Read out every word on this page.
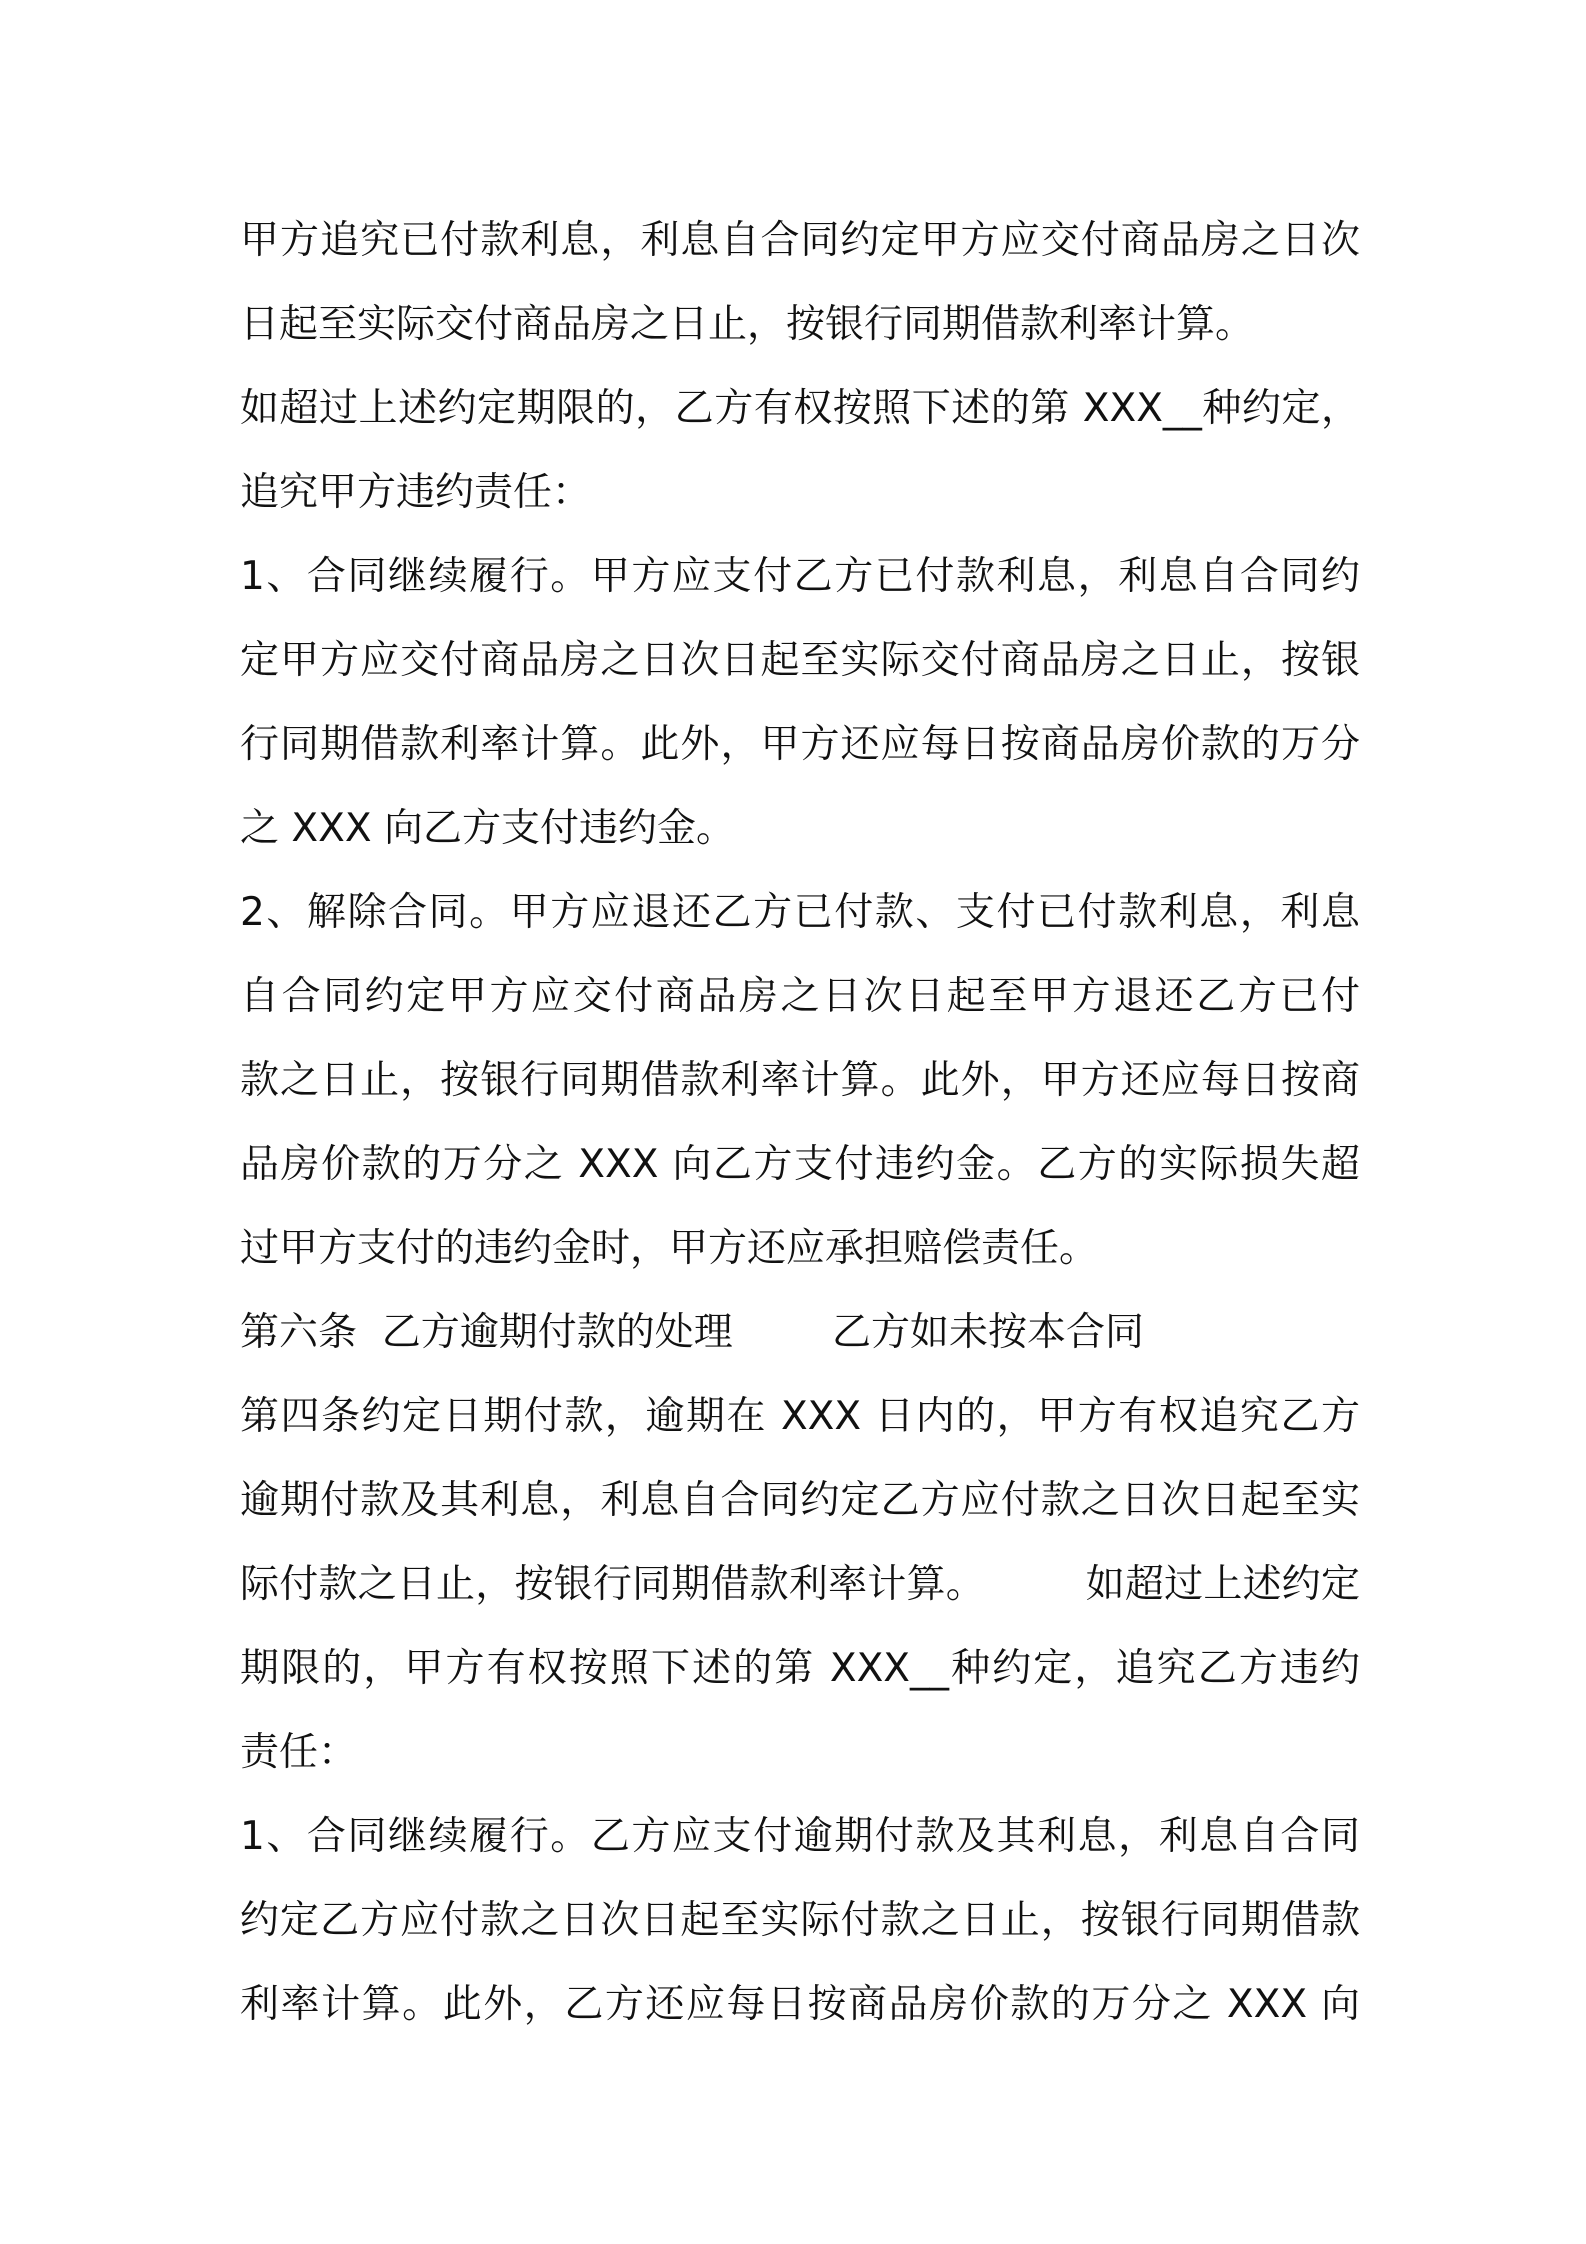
甲方追究已付款利息，利息自合同约定甲方应交付商品房之日次
日起至实际交付商品房之日止，按银行同期借款利率计算。
如超过上述约定期限的，乙方有权按照下述的第 XXX__种约定，
追究甲方违约责任：
1、合同继续履行。甲方应支付乙方已付款利息，利息自合同约
定甲方应交付商品房之日次日起至实际交付商品房之日止，按银
行同期借款利率计算。此外，甲方还应每日按商品房价款的万分
之 XXX 向乙方支付违约金。
2、解除合同。甲方应退还乙方已付款、支付已付款利息，利息
自合同约定甲方应交付商品房之日次日起至甲方退还乙方已付
款之日止，按银行同期借款利率计算。此外，甲方还应每日按商
品房价款的万分之 XXX 向乙方支付违约金。乙方的实际损失超
过甲方支付的违约金时，甲方还应承担赔偿责任。
第六条  乙方逾期付款的处理        乙方如未按本合同
第四条约定日期付款，逾期在 XXX 日内的，甲方有权追究乙方
逾期付款及其利息，利息自合同约定乙方应付款之日次日起至实
际付款之日止，按银行同期借款利率计算。        如超过上述约定
期限的，甲方有权按照下述的第 XXX__种约定，追究乙方违约
责任：
1、合同继续履行。乙方应支付逾期付款及其利息，利息自合同
约定乙方应付款之日次日起至实际付款之日止，按银行同期借款
利率计算。此外，乙方还应每日按商品房价款的万分之 XXX 向
